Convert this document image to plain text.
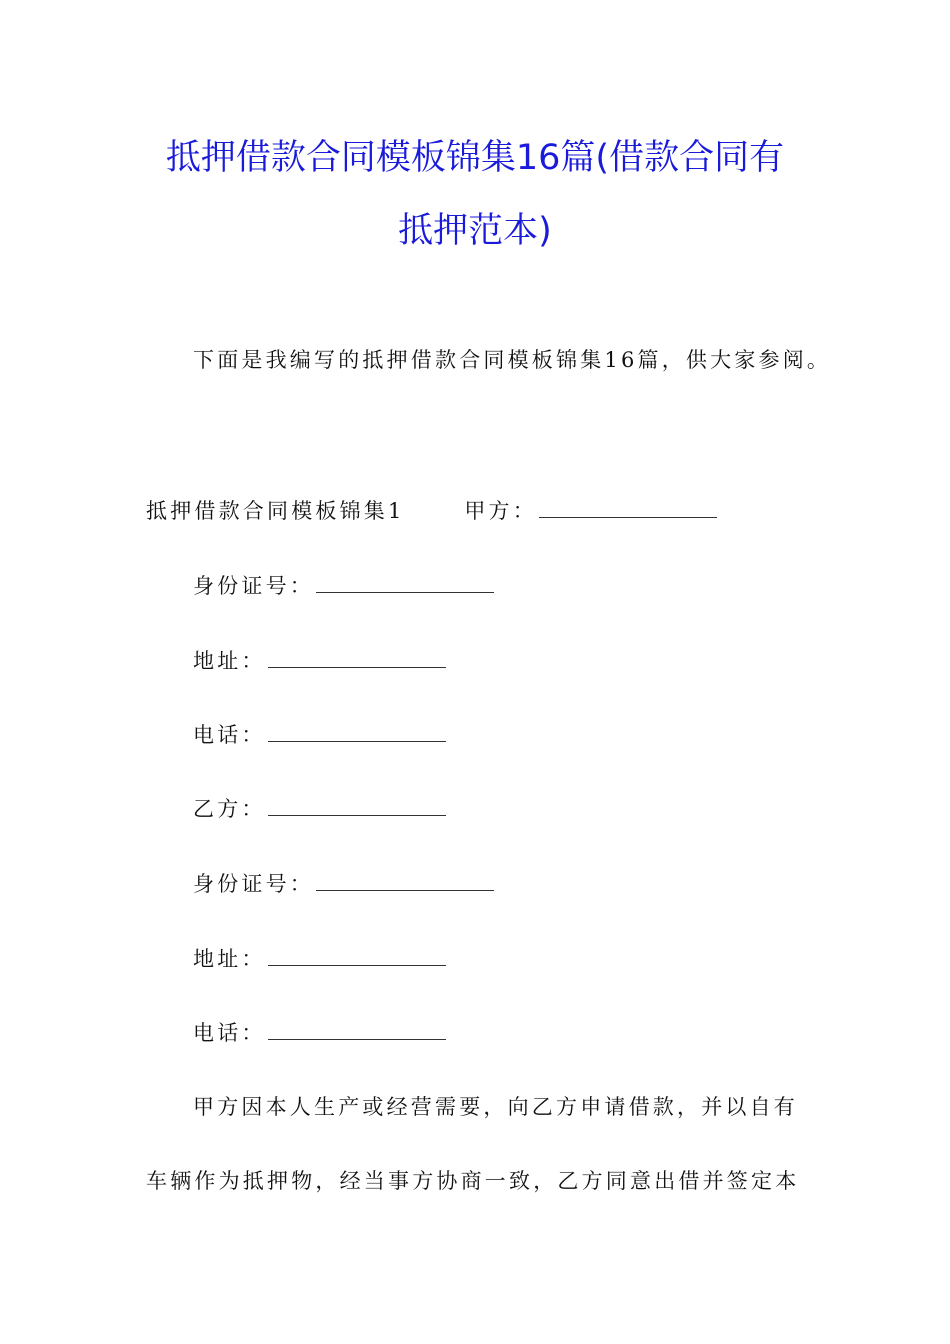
抵押借款合同模板锦集16篇(借款合同有
抵押范本)
下面是我编写的抵押借款合同模板锦集16篇，供大家参阅。
抵押借款合同模板锦集1	甲方：
身份证号：
地址：
电话：
乙方：
身份证号：
地址：
电话：
甲方因本人生产或经营需要，向乙方申请借款，并以自有
车辆作为抵押物，经当事方协商一致，乙方同意出借并签定本
